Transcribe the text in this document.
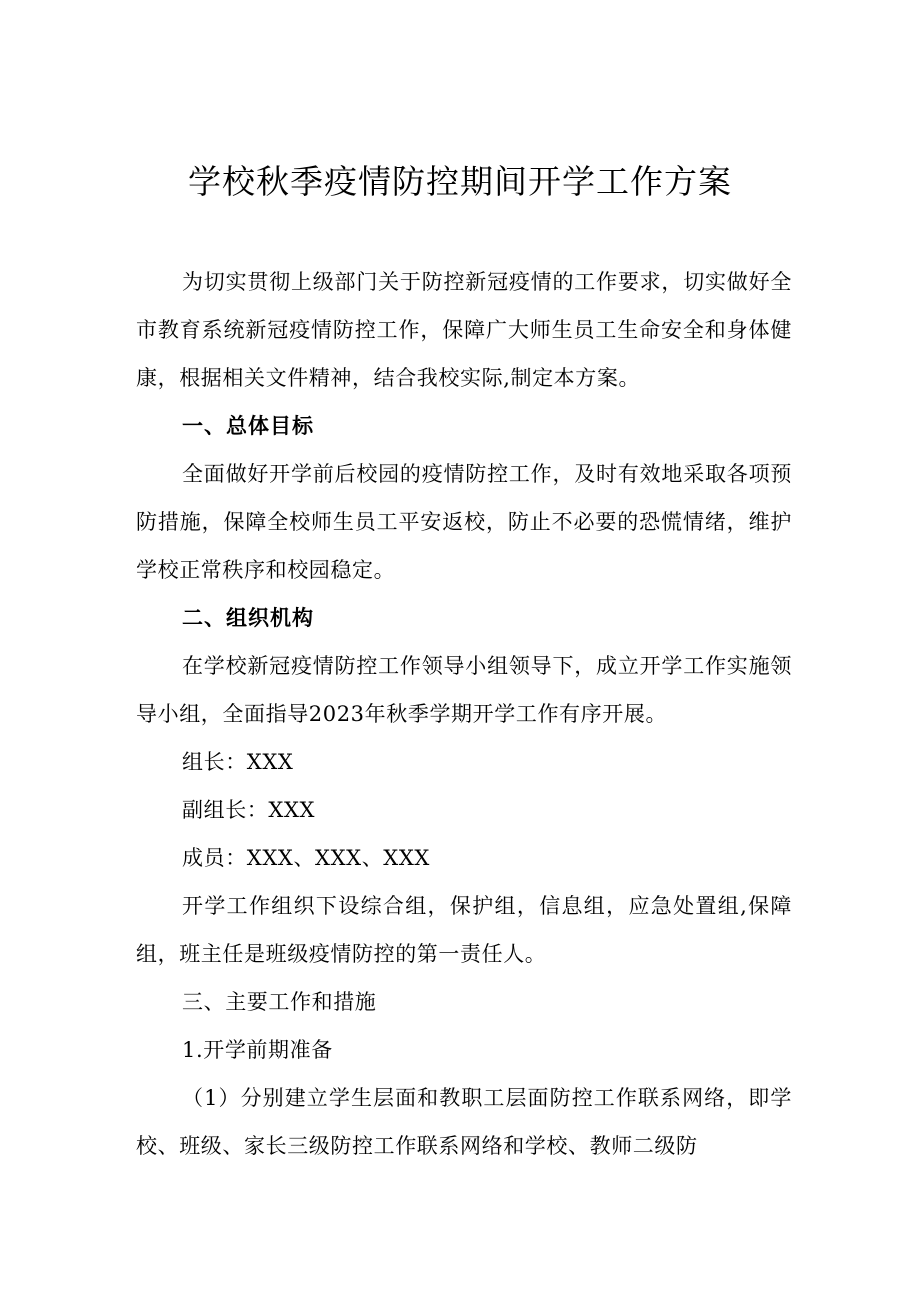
学校秋季疫情防控期间开学工作方案

为切实贯彻上级部门关于防控新冠疫情的工作要求，切实做好全市教育系统新冠疫情防控工作，保障广大师生员工生命安全和身体健康，根据相关文件精神，结合我校实际,制定本方案。

一、总体目标

全面做好开学前后校园的疫情防控工作，及时有效地采取各项预防措施，保障全校师生员工平安返校，防止不必要的恐慌情绪，维护学校正常秩序和校园稳定。

二、组织机构

在学校新冠疫情防控工作领导小组领导下，成立开学工作实施领导小组，全面指导2023年秋季学期开学工作有序开展。

组长：XXX

副组长：XXX

成员：XXX、XXX、XXX

开学工作组织下设综合组，保护组，信息组，应急处置组,保障组，班主任是班级疫情防控的第一责任人。

三、主要工作和措施

1.开学前期准备

（1）分别建立学生层面和教职工层面防控工作联系网络，即学校、班级、家长三级防控工作联系网络和学校、教师二级防
